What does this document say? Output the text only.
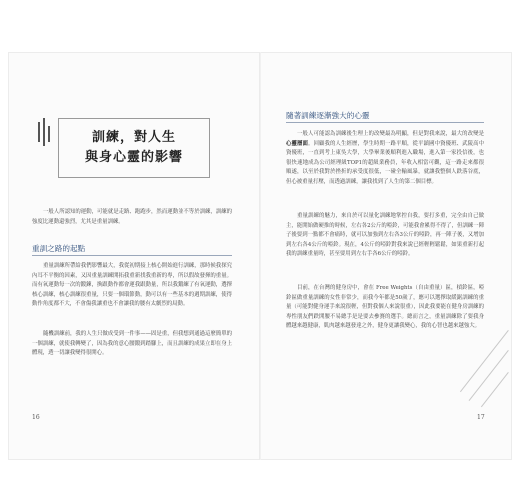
訓練，對人生
與身心靈的影響
一般人所認知的運動，可能就是走路、跑跑步，然而運動並不等於訓練，訓練的強度比運動還強烈，尤其是重量訓練。
重訓之路的起點
重量訓練所帶給我們影響最大，我從初期接上核心開始進行訓練，那時候我探究內耳不平衡的因素，又因重量訓練開拓我重新找我重新的專，所以假故發揮的重量。而有氧運動每一次的鍛鍊，換跟動作都會運我跟動量，所以我鍛練了有氧運動，選擇核心訓練，核心訓練很重量，只要一個環節動，動可以有一些基本的週期訓練，使得動作角度都不大，不會傷我讓重也不會讓我的腰有太劇烈的局動。
隨機訓練前，我的人生只做成受到一件事——固是重，但我想到通過這麼簡單的一個訓練，就使我轉變了，因為我的意心腰鍛到踏腳上，而且訓練的成果立即在身上體現，透一切讓我變得很開心。
16
隨著訓練逐漸強大的心靈
一般人可能認為訓練後生理上的改變最為明顯，但是對我來說，最大的改變是心靈層面。回顧我的人生經歷，學生時期一路平順，從平鎮國中資優班、武陵高中資優班，一直到考上東吳大學，大學畢業後順利進入職場，進入第一家投信後，也很快速地成為公司經理級TOP1的超級業務員，年收入相當可觀，這一路走來都很順遂，以至於我對於挫折的承受度很低，一碰全輸風暴，就讓我整個人跌落谷底，但心被重量打壓，而透過訓練，讓我找到了人生的第二個目標。
重量訓練的魅力，來自於可以量化訓練地掌控自我，要打多重，完全由自己做主，能開始做硬推的時候，左右各2公斤的啞鈴，可能我會累得不得了，但訓練一陣子後要到一點都不會痛時，就可以加強到左右各3公斤的啞鈴，再一陣子後，又增加到左右各4公斤的啞鈴。現在，4公斤的啞鈴對我來說已經輕輕鬆鬆，如果重新打起我的訓練重量時，甚至要用到左右手各6公斤的啞鈴。
目前，在台灣的健身房中，會在 Free Weights（自由重量）區，槓鈴區，啞鈴區做重量訓練的女性非常少，而我今年都是50歲了，應可以選擇取緩鋸訓練的重量（可能對健身運手來說很輕，但對我個人來說很重），因此我要能在健身房訓練的專性朋友們跌開腰不易總手是是要去參賽的選手。總而言之，重量訓練除了要我身體越來越健康，肌肉越來越發達之外，健身更讓我變心，我的心智也越來越強大。
17
